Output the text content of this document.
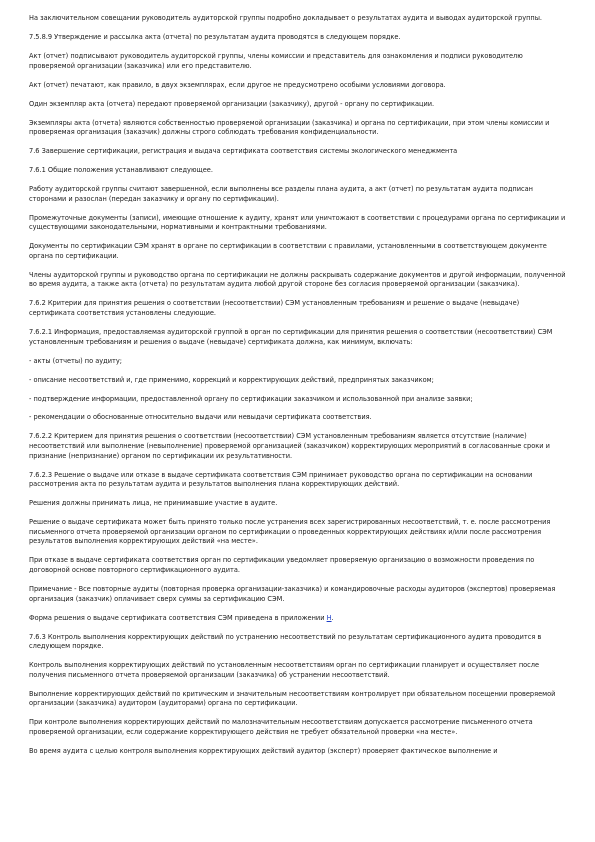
На заключительном совещании руководитель аудиторской группы подробно докладывает о результатах аудита и выводах аудиторской группы.

7.5.8.9 Утверждение и рассылка акта (отчета) по результатам аудита проводятся в следующем порядке.

Акт (отчет) подписывают руководитель аудиторской группы, члены комиссии и представитель для ознакомления и подписи руководителю проверяемой организации (заказчика) или его представителю.

Акт (отчет) печатают, как правило, в двух экземплярах, если другое не предусмотрено особыми условиями договора.

Один экземпляр акта (отчета) передают проверяемой организации (заказчику), другой - органу по сертификации.

Экземпляры акта (отчета) являются собственностью проверяемой организации (заказчика) и органа по сертификации, при этом члены комиссии и проверяемая организация (заказчик) должны строго соблюдать требования конфиденциальности.

7.6 Завершение сертификации, регистрация и выдача сертификата соответствия системы экологического менеджмента

7.6.1 Общие положения устанавливают следующее.

Работу аудиторской группы считают завершенной, если выполнены все разделы плана аудита, а акт (отчет) по результатам аудита подписан сторонами и разослан (передан заказчику и органу по сертификации).

Промежуточные документы (записи), имеющие отношение к аудиту, хранят или уничтожают в соответствии с процедурами органа по сертификации и существующими законодательными, нормативными и контрактными требованиями.

Документы по сертификации СЭМ хранят в органе по сертификации в соответствии с правилами, установленными в соответствующем документе органа по сертификации.

Члены аудиторской группы и руководство органа по сертификации не должны раскрывать содержание документов и другой информации, полученной во время аудита, а также акта (отчета) по результатам аудита любой другой стороне без согласия проверяемой организации (заказчика).

7.6.2 Критерии для принятия решения о соответствии (несоответствии) СЭМ установленным требованиям и решение о выдаче (невыдаче) сертификата соответствия установлены следующие.

7.6.2.1 Информация, предоставляемая аудиторской группой в орган по сертификации для принятия решения о соответствии (несоответствии) СЭМ установленным требованиям и решения о выдаче (невыдаче) сертификата должна, как минимум, включать:

- акты (отчеты) по аудиту;

- описание несоответствий и, где применимо, коррекций и корректирующих действий, предпринятых заказчиком;

- подтверждение информации, предоставленной органу по сертификации заказчиком и использованной при анализе заявки;

- рекомендации о обоснованные относительно выдачи или невыдачи сертификата соответствия.

7.6.2.2 Критерием для принятия решения о соответствии (несоответствии) СЭМ установленным требованиям является отсутствие (наличие) несоответствий или выполнение (невыполнение) проверяемой организацией (заказчиком) корректирующих мероприятий в согласованные сроки и признание (непризнание) органом по сертификации их результативности.

7.6.2.3 Решение о выдаче или отказе в выдаче сертификата соответствия СЭМ принимает руководство органа по сертификации на основании рассмотрения акта по результатам аудита и результатов выполнения плана корректирующих действий.

Решения должны принимать лица, не принимавшие участие в аудите.

Решение о выдаче сертификата может быть принято только после устранения всех зарегистрированных несоответствий, т. е. после рассмотрения письменного отчета проверяемой организации органом по сертификации о проведенных корректирующих действиях и/или после рассмотрения результатов выполнения корректирующих действий «на месте».

При отказе в выдаче сертификата соответствия орган по сертификации уведомляет проверяемую организацию о возможности проведения по договорной основе повторного сертификационного аудита.

Примечание - Все повторные аудиты (повторная проверка организации-заказчика) и командировочные расходы аудиторов (экспертов) проверяемая организация (заказчик) оплачивает сверх суммы за сертификацию СЭМ.

Форма решения о выдаче сертификата соответствия СЭМ приведена в приложении Н.

7.6.3 Контроль выполнения корректирующих действий по устранению несоответствий по результатам сертификационного аудита проводится в следующем порядке.

Контроль выполнения корректирующих действий по установленным несоответствиям орган по сертификации планирует и осуществляет после получения письменного отчета проверяемой организации (заказчика) об устранении несоответствий.

Выполнение корректирующих действий по критическим и значительным несоответствиям контролирует при обязательном посещении проверяемой организации (заказчика) аудитором (аудиторами) органа по сертификации.

При контроле выполнения корректирующих действий по малозначительным несоответствиям допускается рассмотрение письменного отчета проверяемой организации, если содержание корректирующего действия не требует обязательной проверки «на месте».

Во время аудита с целью контроля выполнения корректирующих действий аудитор (эксперт) проверяет фактическое выполнение и
